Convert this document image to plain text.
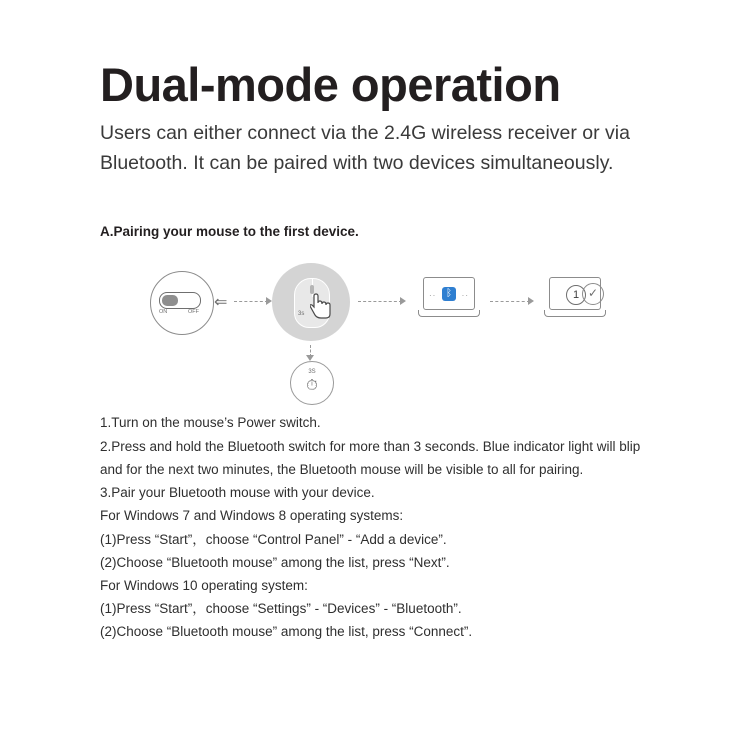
Dual-mode operation

Users can either connect via the 2.4G wireless receiver or via Bluetooth. It can be paired with two devices simultaneously.

A.Pairing your mouse to the first device.

ON	OFF
⇐
3s
3S
⏱
·· ᛒ	··	1 ✓

1.Turn on the mouse’s Power switch.

2.Press and hold the Bluetooth switch for more than 3 seconds. Blue indicator light will blip and for the next two minutes, the Bluetooth mouse will be visible to all for pairing.

3.Pair your Bluetooth mouse with your device.

For Windows 7 and Windows 8 operating systems:

(1)Press “Start”，choose “Control Panel” - “Add a device”.

(2)Choose “Bluetooth mouse” among the list, press “Next”.

For Windows 10 operating system:

(1)Press “Start”，choose “Settings” - “Devices” - “Bluetooth”.

(2)Choose “Bluetooth mouse” among the list, press “Connect”.
